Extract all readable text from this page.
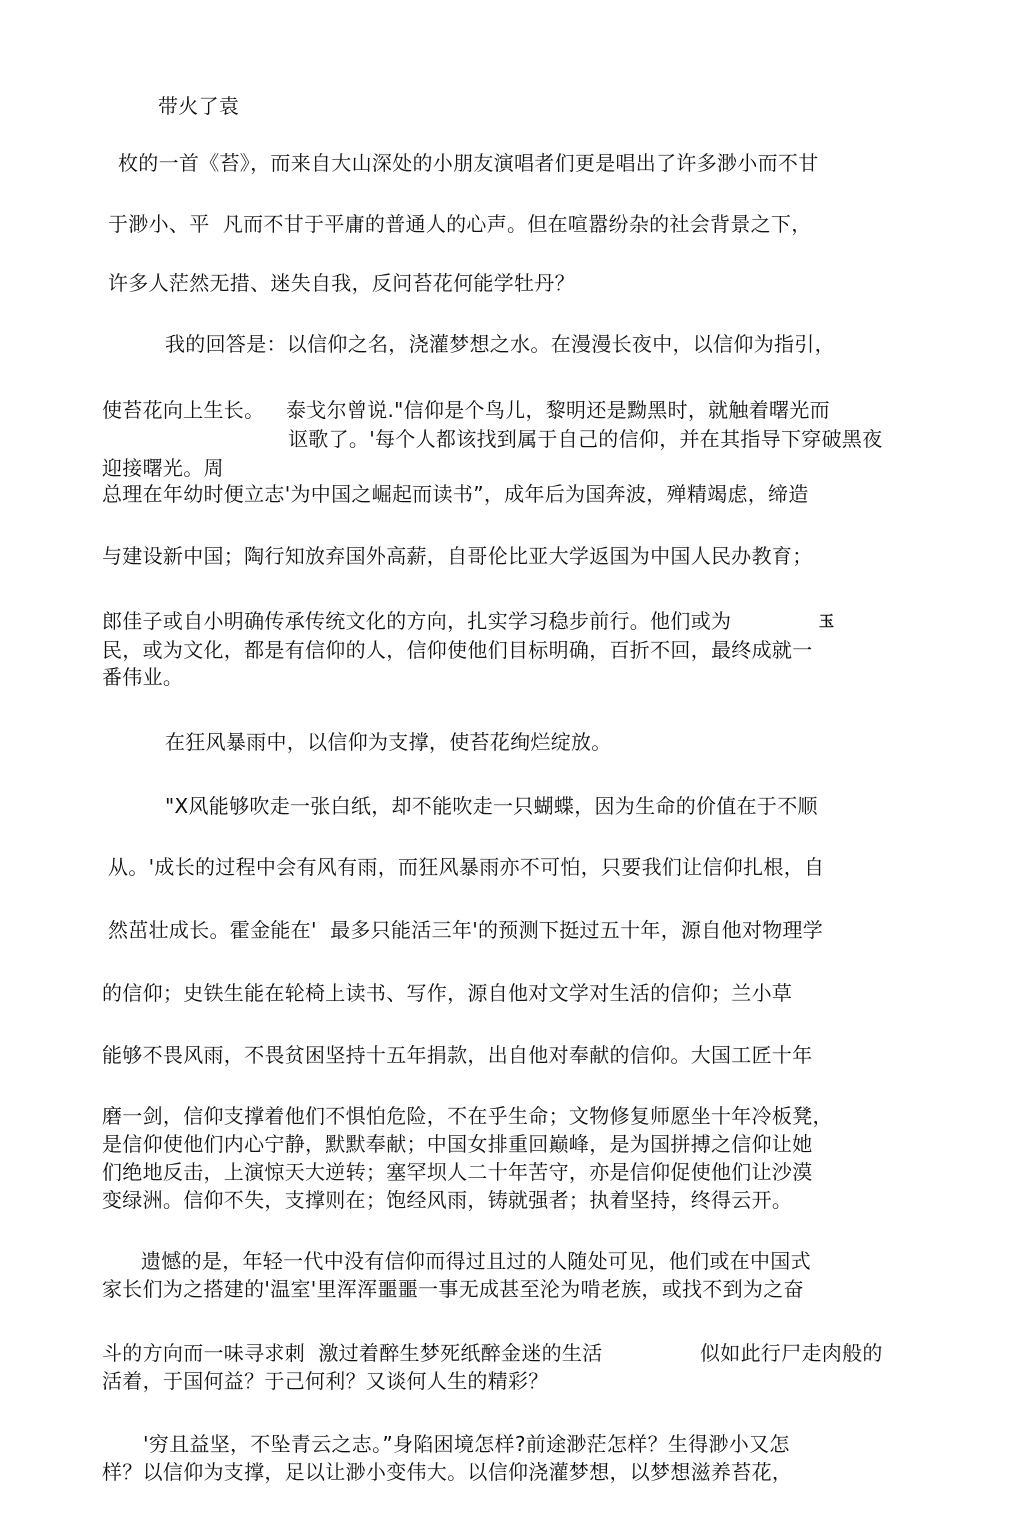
带火了袁
枚的一首《苔》，而来自大山深处的小朋友演唱者们更是唱出了许多渺小而不甘
于渺小、平  凡而不甘于平庸的普通人的心声。但在喧嚣纷杂的社会背景之下，
许多人茫然无措、迷失自我，反问苔花何能学牡丹？
我的回答是：以信仰之名，浇灌梦想之水。在漫漫长夜中，以信仰为指引，
使苔花向上生长。 泰戈尔曾说."信仰是个鸟儿，黎明还是黝黑时，就触着曙光而
讴歌了。'每个人都该找到属于自己的信仰，并在其指导下穿破黑夜
迎接曙光。周
总理在年幼时便立志'为中国之崛起而读书”，成年后为国奔波，殚精竭虑，缔造
与建设新中国；陶行知放弃国外高薪，自哥伦比亚大学返国为中国人民办教育；
郎佳子或自小明确传承传统文化的方向，扎实学习稳步前行。他们或为	玉
民，或为文化，都是有信仰的人，信仰使他们目标明确，百折不回，最终成就一
番伟业。
在狂风暴雨中，以信仰为支撑，使苔花绚烂绽放。
"X风能够吹走一张白纸，却不能吹走一只蝴蝶，因为生命的价值在于不顺
从。'成长的过程中会有风有雨，而狂风暴雨亦不可怕，只要我们让信仰扎根，自
然茁壮成长。霍金能在'  最多只能活三年'的预测下挺过五十年，源自他对物理学
的信仰；史铁生能在轮椅上读书、写作，源自他对文学对生活的信仰；兰小草
能够不畏风雨，不畏贫困坚持十五年捐款，出自他对奉献的信仰。大国工匠十年
磨一剑，信仰支撑着他们不惧怕危险，不在乎生命；文物修复师愿坐十年冷板凳，
是信仰使他们内心宁静，默默奉献；中国女排重回巅峰，是为国拼搏之信仰让她
们绝地反击，上演惊天大逆转；塞罕坝人二十年苦守，亦是信仰促使他们让沙漠
变绿洲。信仰不失，支撑则在；饱经风雨，铸就强者；执着坚持，终得云开。
遗憾的是，年轻一代中没有信仰而得过且过的人随处可见，他们或在中国式
家长们为之搭建的'温室'里浑浑噩噩一事无成甚至沦为啃老族，或找不到为之奋
斗的方向而一味寻求刺  激过着醉生梦死纸醉金迷的生活	似如此行尸走肉般的
活着，于国何益？于己何利？又谈何人生的精彩？
'穷且益坚，不坠青云之志。”身陷困境怎样?前途渺茫怎样？生得渺小又怎
样？以信仰为支撑，足以让渺小变伟大。以信仰浇灌梦想，以梦想滋养苔花，
